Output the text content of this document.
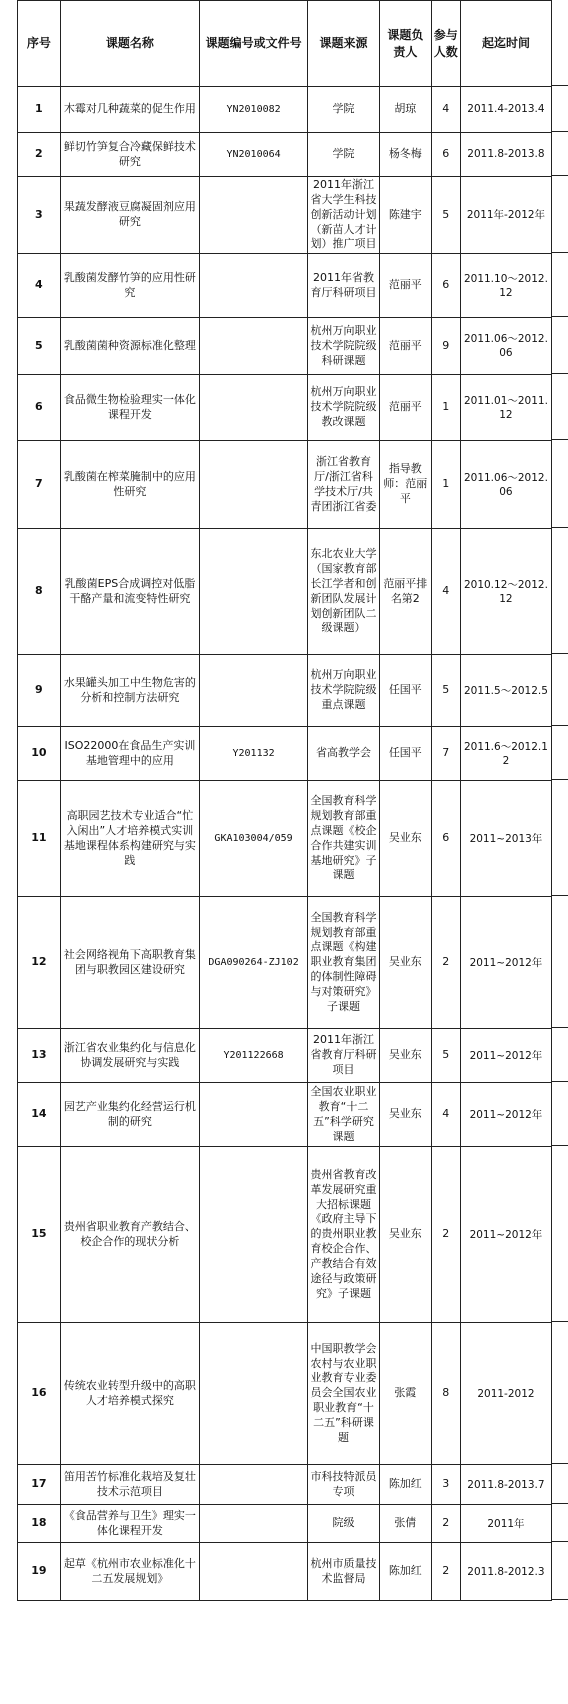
序号	课题名称	课题编号或文件号	课题来源	课题负责人	参与人数	起迄时间
1	木霉对几种蔬菜的促生作用	YN2010082	学院	胡琼	4	2011.4-2013.4
2	鲜切竹笋复合冷藏保鲜技术研究	YN2010064	学院	杨冬梅	6	2011.8-2013.8
3	果蔬发酵液豆腐凝固剂应用研究		2011年浙江省大学生科技创新活动计划（新苗人才计划）推广项目	陈建宇	5	2011年-2012年
4	乳酸菌发酵竹笋的应用性研究		2011年省教育厅科研项目	范丽平	6	2011.10～2012.12
5	乳酸菌菌种资源标准化整理		杭州万向职业技术学院院级科研课题	范丽平	9	2011.06～2012.06
6	食品微生物检验理实一体化课程开发		杭州万向职业技术学院院级教改课题	范丽平	1	2011.01～2011.12
7	乳酸菌在榨菜腌制中的应用性研究		浙江省教育厅/浙江省科学技术厅/共青团浙江省委	指导教师：范丽平	1	2011.06～2012.06
8	乳酸菌EPS合成调控对低脂干酪产量和流变特性研究		东北农业大学（国家教育部长江学者和创新团队发展计划创新团队二级课题）	范丽平排名第2	4	2010.12～2012.12
9	水果罐头加工中生物危害的分析和控制方法研究		杭州万向职业技术学院院级重点课题	任国平	5	2011.5～2012.5
10	ISO22000在食品生产实训基地管理中的应用	Y201132	省高教学会	任国平	7	2011.6～2012.12
11	高职园艺技术专业适合“忙入闲出”人才培养模式实训基地课程体系构建研究与实践	GKA103004/059	全国教育科学规划教育部重点课题《校企合作共建实训基地研究》子课题	吴业东	6	2011~2013年
12	社会网络视角下高职教育集团与职教园区建设研究	DGA090264-ZJ102	全国教育科学规划教育部重点课题《构建职业教育集团的体制性障碍与对策研究》子课题	吴业东	2	2011~2012年
13	浙江省农业集约化与信息化协调发展研究与实践	Y201122668	2011年浙江省教育厅科研项目	吴业东	5	2011~2012年
14	园艺产业集约化经营运行机制的研究		全国农业职业教育“十二五”科学研究课题	吴业东	4	2011~2012年
15	贵州省职业教育产教结合、校企合作的现状分析		贵州省教育改革发展研究重大招标课题《政府主导下的贵州职业教育校企合作、产教结合有效途径与政策研究》子课题	吴业东	2	2011~2012年
16	传统农业转型升级中的高职人才培养模式探究		中国职教学会农村与农业职业教育专业委员会全国农业职业教育“十二五”科研课题	张霞	8	2011-2012
17	笛用苦竹标准化栽培及复壮技术示范项目		市科技特派员专项	陈加红	3	2011.8-2013.7
18	《食品营养与卫生》理实一体化课程开发		院级	张倩	2	2011年
19	起草《杭州市农业标准化十二五发展规划》		杭州市质量技术监督局	陈加红	2	2011.8-2012.3
